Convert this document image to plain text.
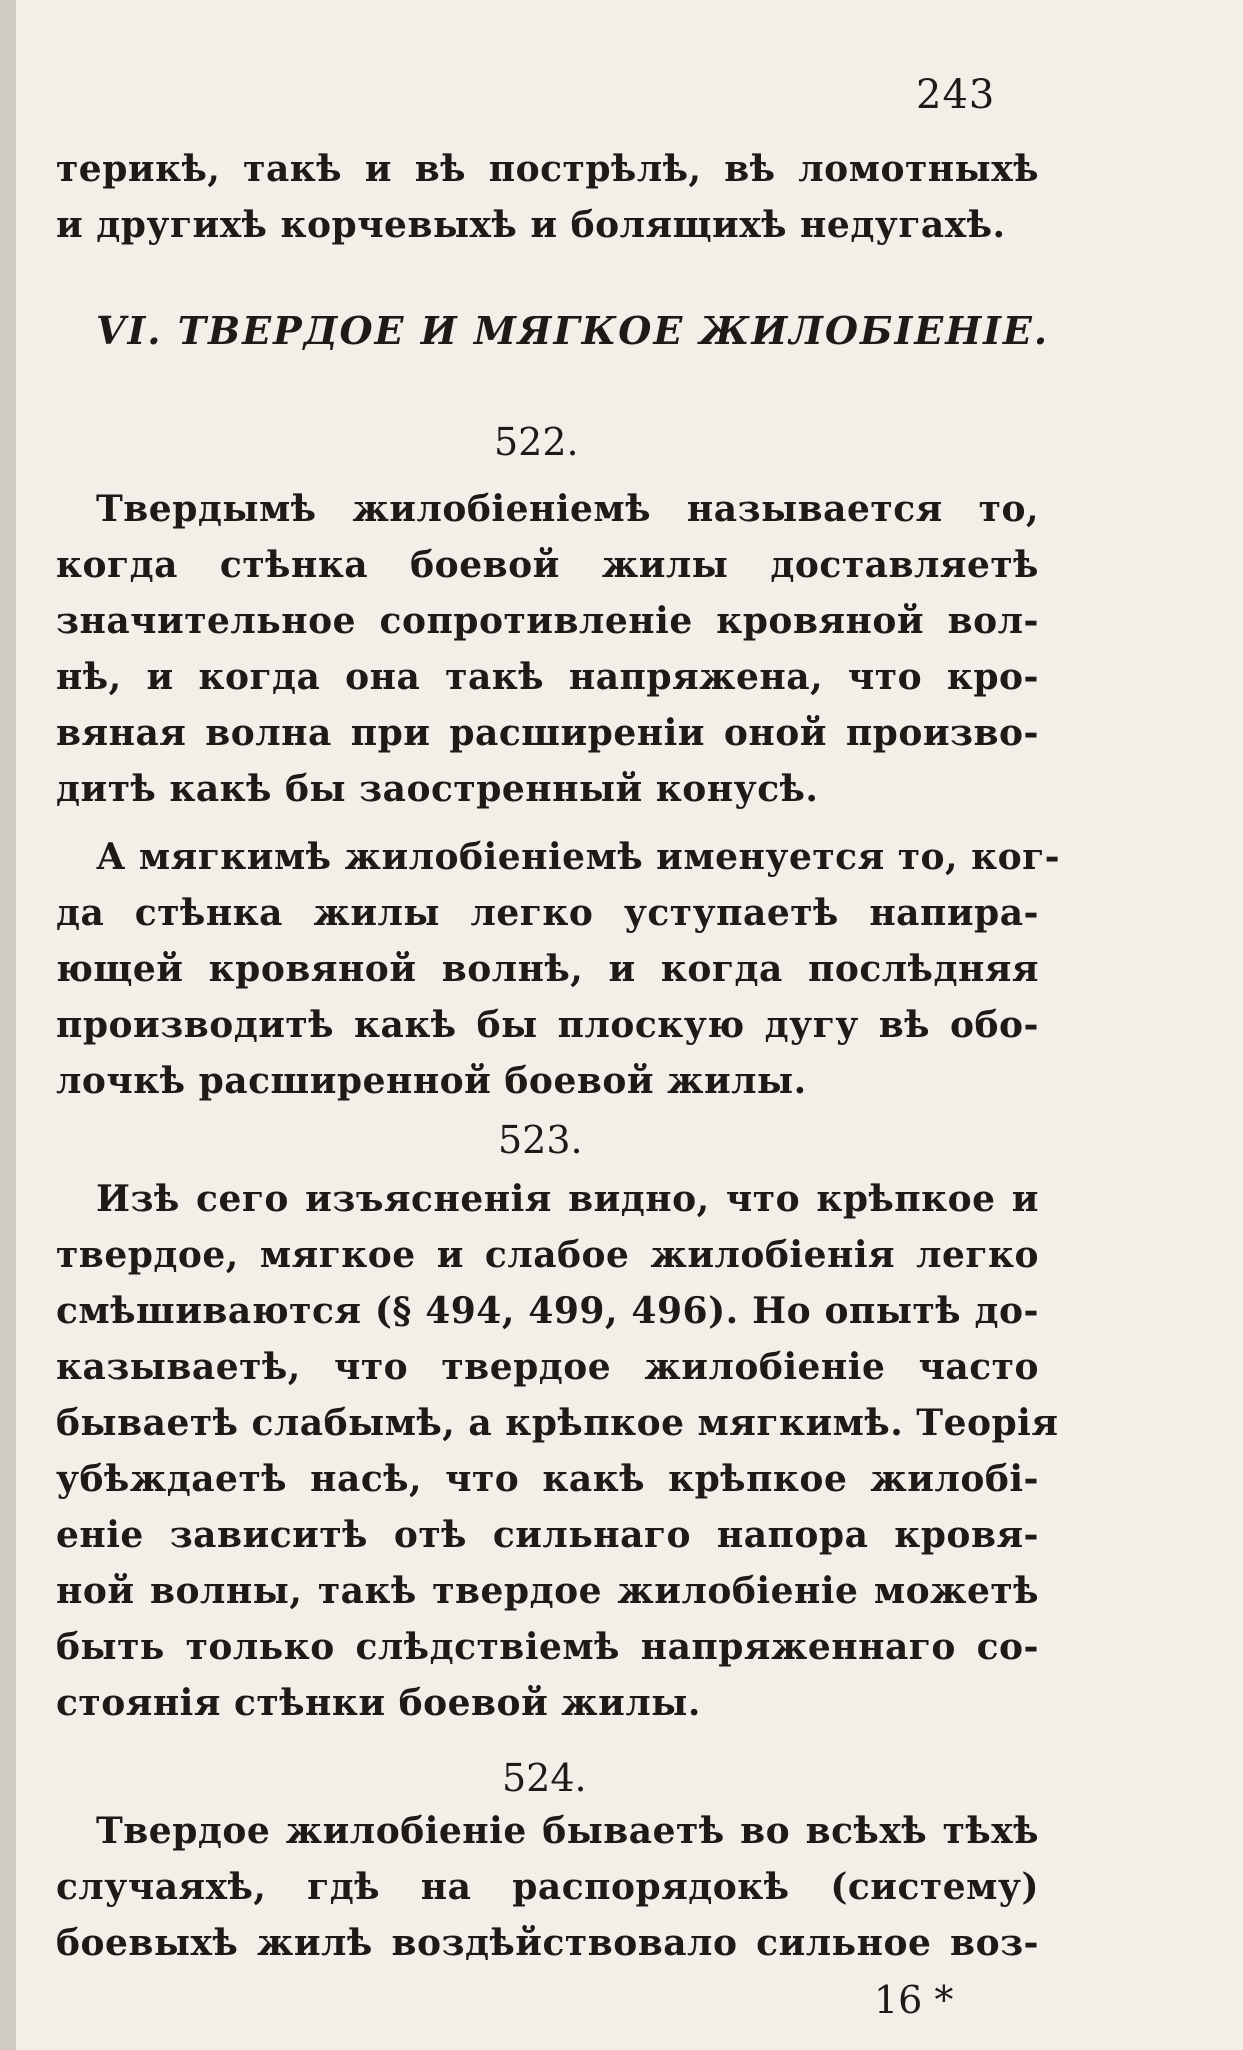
243
терикѣ, такѣ и вѣ пострѣлѣ, вѣ ломотныхѣ
и другихѣ корчевыхѣ и болящихѣ недугахѣ.
VI. ТВЕРДОЕ И МЯГКОЕ ЖИЛОБІЕНІЕ.
522.
Твердымѣ жилобіеніемѣ называется то,
когда стѣнка боевой жилы доставляетѣ
значительное сопротивленіе кровяной вол-
нѣ, и когда она такѣ напряжена, что кро-
вяная волна при расширеніи оной произво-
дитѣ какѣ бы заостренный конусѣ.
А мягкимѣ жилобіеніемѣ именуется то, ког-
да стѣнка жилы легко уступаетѣ напира-
ющей кровяной волнѣ, и когда послѣдняя
производитѣ какѣ бы плоскую дугу вѣ обо-
лочкѣ расширенной боевой жилы.
523.
Изѣ сего изъясненія видно, что крѣпкое и
твердое, мягкое и слабое жилобіенія легко
смѣшиваются (§ 494, 499, 496). Но опытѣ до-
казываетѣ, что твердое жилобіеніе часто
бываетѣ слабымѣ, а крѣпкое мягкимѣ. Теорія
убѣждаетѣ насѣ, что какѣ крѣпкое жилобі-
еніе зависитѣ отѣ сильнаго напора кровя-
ной волны, такѣ твердое жилобіеніе можетѣ
быть только слѣдствіемѣ напряженнаго со-
стоянія стѣнки боевой жилы.
524.
Твердое жилобіеніе бываетѣ во всѣхѣ тѣхѣ
случаяхѣ, гдѣ на распорядокѣ (систему)
боевыхѣ жилѣ воздѣйствовало сильное воз-
16 *
